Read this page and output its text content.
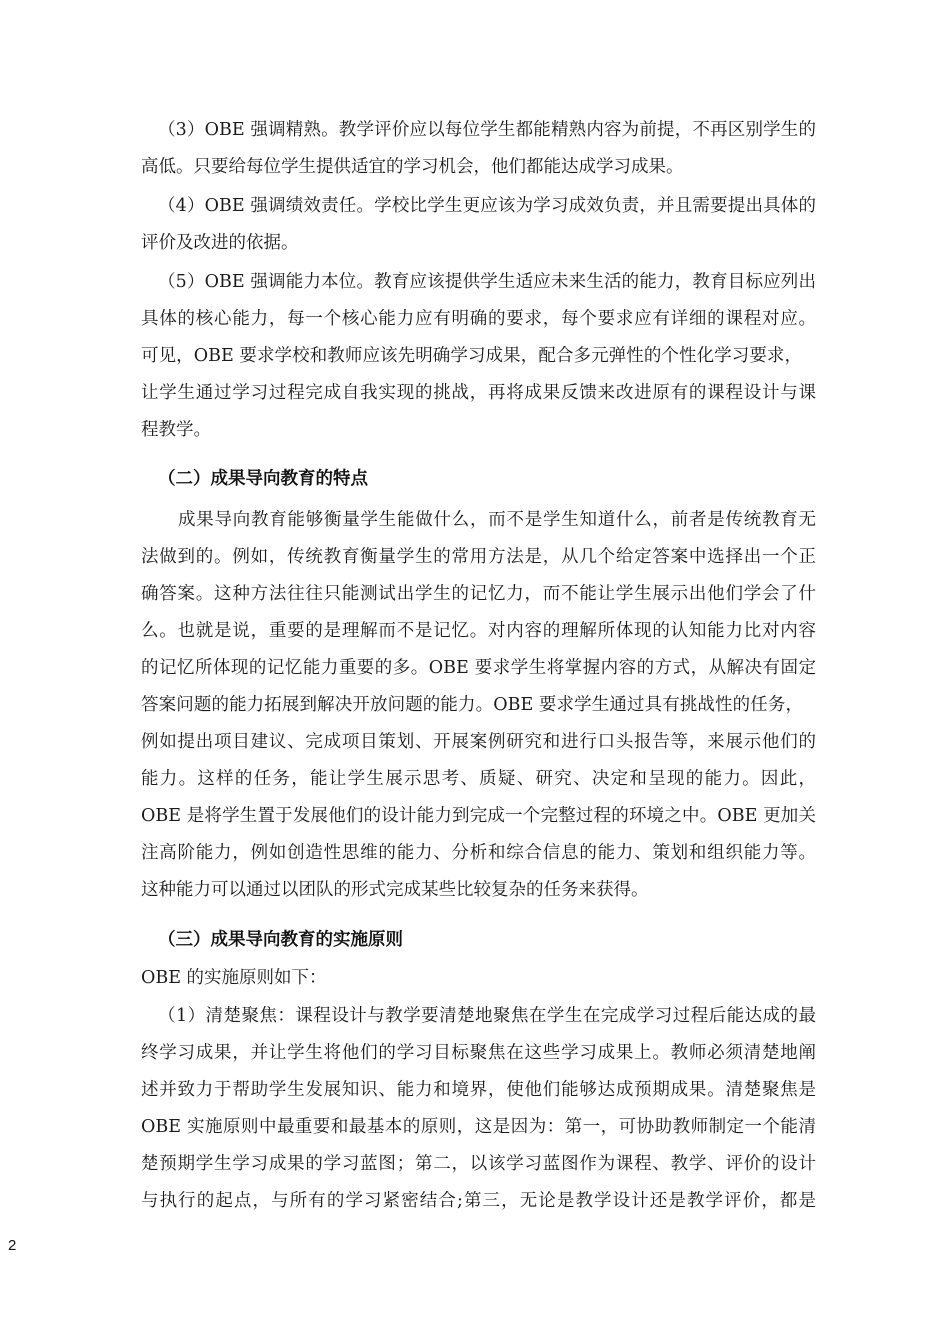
（3）OBE 强调精熟。教学评价应以每位学生都能精熟内容为前提，不再区别学生的
高低。只要给每位学生提供适宜的学习机会，他们都能达成学习成果。
（4）OBE 强调绩效责任。学校比学生更应该为学习成效负责，并且需要提出具体的
评价及改进的依据。
（5）OBE 强调能力本位。教育应该提供学生适应未来生活的能力，教育目标应列出
具体的核心能力，每一个核心能力应有明确的要求，每个要求应有详细的课程对应。
可见，OBE 要求学校和教师应该先明确学习成果，配合多元弹性的个性化学习要求，
让学生通过学习过程完成自我实现的挑战，再将成果反馈来改进原有的课程设计与课
程教学。
（二）成果导向教育的特点
成果导向教育能够衡量学生能做什么，而不是学生知道什么，前者是传统教育无
法做到的。例如，传统教育衡量学生的常用方法是，从几个给定答案中选择出一个正
确答案。这种方法往往只能测试出学生的记忆力，而不能让学生展示出他们学会了什
么。也就是说，重要的是理解而不是记忆。对内容的理解所体现的认知能力比对内容
的记忆所体现的记忆能力重要的多。OBE 要求学生将掌握内容的方式，从解决有固定
答案问题的能力拓展到解决开放问题的能力。OBE 要求学生通过具有挑战性的任务，
例如提出项目建议、完成项目策划、开展案例研究和进行口头报告等，来展示他们的
能力。这样的任务，能让学生展示思考、质疑、研究、决定和呈现的能力。因此，
OBE 是将学生置于发展他们的设计能力到完成一个完整过程的环境之中。OBE 更加关
注高阶能力，例如创造性思维的能力、分析和综合信息的能力、策划和组织能力等。
这种能力可以通过以团队的形式完成某些比较复杂的任务来获得。
（三）成果导向教育的实施原则
OBE 的实施原则如下：
（1）清楚聚焦：课程设计与教学要清楚地聚焦在学生在完成学习过程后能达成的最
终学习成果，并让学生将他们的学习目标聚焦在这些学习成果上。教师必须清楚地阐
述并致力于帮助学生发展知识、能力和境界，使他们能够达成预期成果。清楚聚焦是
OBE 实施原则中最重要和最基本的原则，这是因为：第一，可协助教师制定一个能清
楚预期学生学习成果的学习蓝图；第二，以该学习蓝图作为课程、教学、评价的设计
与执行的起点，与所有的学习紧密结合;第三，无论是教学设计还是教学评价，都是
2
